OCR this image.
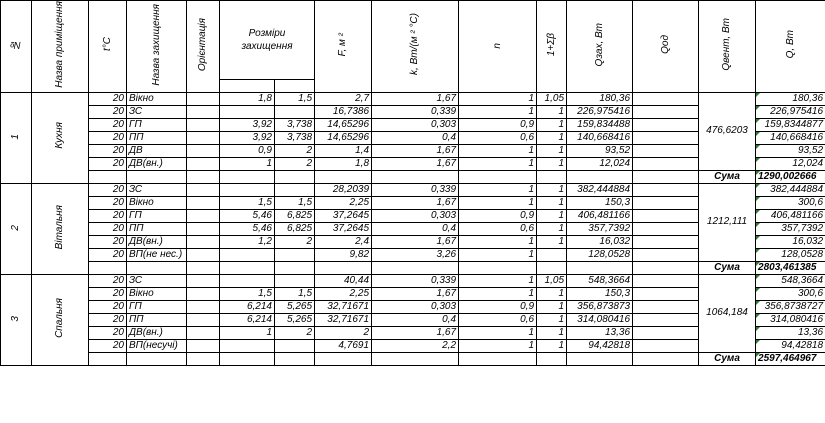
№	Назва приміщення	t°С	Назва захищення	Орієнтація	Розміри захищення		F, м ²	k, Вт/(м ² °С)	n	1+Σβ	Qзах, Вт	Qод	Qвент, Вт	Q, Вт

1	Кухня	20	Вікно		1,8	1,5	2,7	1,67	1	1,05	180,36		476,6203	180,36
		20	ЗС				16,7386	0,339	1	1	226,975416			226,975416
		20	ГП		3,92	3,738	14,65296	0,303	0,9	1	159,834488			159,8344877
		20	ПП		3,92	3,738	14,65296	0,4	0,6	1	140,668416			140,668416
		20	ДВ		0,9	2	1,4	1,67	1	1	93,52			93,52
		20	ДВ(вн.)		1	2	1,8	1,67	1	1	12,024			12,024
													Сума	1290,002666
2	Вітальня	20	ЗС				28,2039	0,339	1	1	382,444884		1212,111	382,444884
		20	Вікно		1,5	1,5	2,25	1,67	1	1	150,3			300,6
		20	ГП		5,46	6,825	37,2645	0,303	0,9	1	406,481166			406,481166
		20	ПП		5,46	6,825	37,2645	0,4	0,6	1	357,7392			357,7392
		20	ДВ(вн.)		1,2	2	2,4	1,67	1	1	16,032			16,032
		20	ВП(не нес.)				9,82	3,26	1		128,0528			128,0528
													Сума	2803,461385
3	Спальня	20	ЗС				40,44	0,339	1	1,05	548,3664		1064,184	548,3664
		20	Вікно		1,5	1,5	2,25	1,67	1	1	150,3			300,6
		20	ГП		6,214	5,265	32,71671	0,303	0,9	1	356,873873			356,8738727
		20	ПП		6,214	5,265	32,71671	0,4	0,6	1	314,080416			314,080416
		20	ДВ(вн.)		1	2	2	1,67	1	1	13,36			13,36
		20	ВП(несучі)				4,7691	2,2	1	1	94,42818			94,42818
													Сума	2597,464967
